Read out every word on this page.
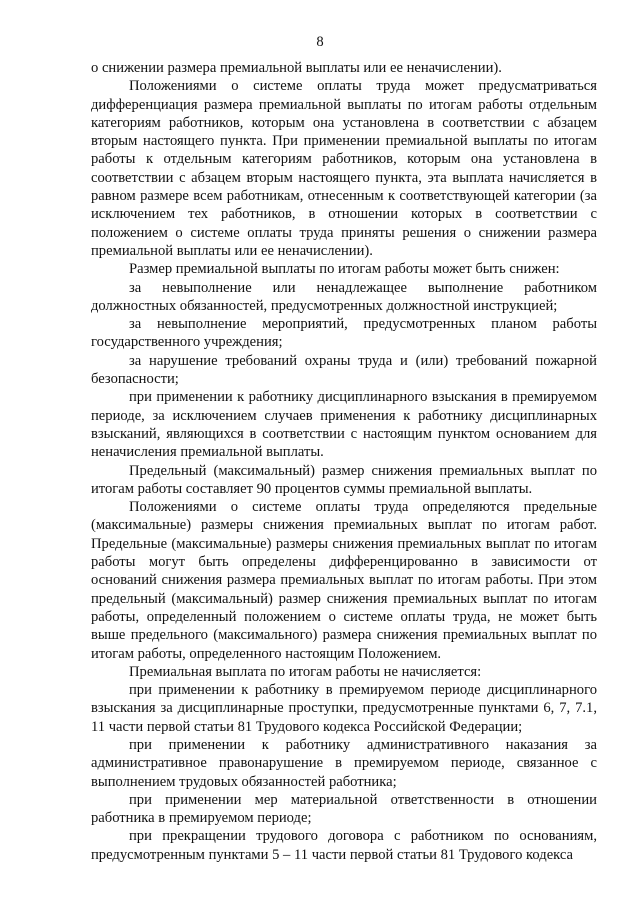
8

о снижении размера премиальной выплаты или ее неначислении).

Положениями о системе оплаты труда может предусматриваться дифференциация размера премиальной выплаты по итогам работы отдельным категориям работников, которым она установлена в соответствии с абзацем вторым настоящего пункта. При применении премиальной выплаты по итогам работы к отдельным категориям работников, которым она установлена в соответствии с абзацем вторым настоящего пункта, эта выплата начисляется в равном размере всем работникам, отнесенным к соответствующей категории (за исключением тех работников, в отношении которых в соответствии с положением о системе оплаты труда приняты решения о снижении размера премиальной выплаты или ее неначислении).

Размер премиальной выплаты по итогам работы может быть снижен:

за невыполнение или ненадлежащее выполнение работником должностных обязанностей, предусмотренных должностной инструкцией;

за невыполнение мероприятий, предусмотренных планом работы государственного учреждения;

за нарушение требований охраны труда и (или) требований пожарной безопасности;

при применении к работнику дисциплинарного взыскания в премируемом периоде, за исключением случаев применения к работнику дисциплинарных взысканий, являющихся в соответствии с настоящим пунктом основанием для неначисления премиальной выплаты.

Предельный (максимальный) размер снижения премиальных выплат по итогам работы составляет 90 процентов суммы премиальной выплаты.

Положениями о системе оплаты труда определяются предельные (максимальные) размеры снижения премиальных выплат по итогам работ. Предельные (максимальные) размеры снижения премиальных выплат по итогам работы могут быть определены дифференцированно в зависимости от оснований снижения размера премиальных выплат по итогам работы. При этом предельный (максимальный) размер снижения премиальных выплат по итогам работы, определенный положением о системе оплаты труда, не может быть выше предельного (максимального) размера снижения премиальных выплат по итогам работы, определенного настоящим Положением.

Премиальная выплата по итогам работы не начисляется:

при применении к работнику в премируемом периоде дисциплинарного взыскания за дисциплинарные проступки, предусмотренные пунктами 6, 7, 7.1, 11 части первой статьи 81 Трудового кодекса Российской Федерации;

при применении к работнику административного наказания за административное правонарушение в премируемом периоде, связанное с выполнением трудовых обязанностей работника;

при применении мер материальной ответственности в отношении работника в премируемом периоде;

при прекращении трудового договора с работником по основаниям, предусмотренным пунктами 5 – 11 части первой статьи 81 Трудового кодекса
